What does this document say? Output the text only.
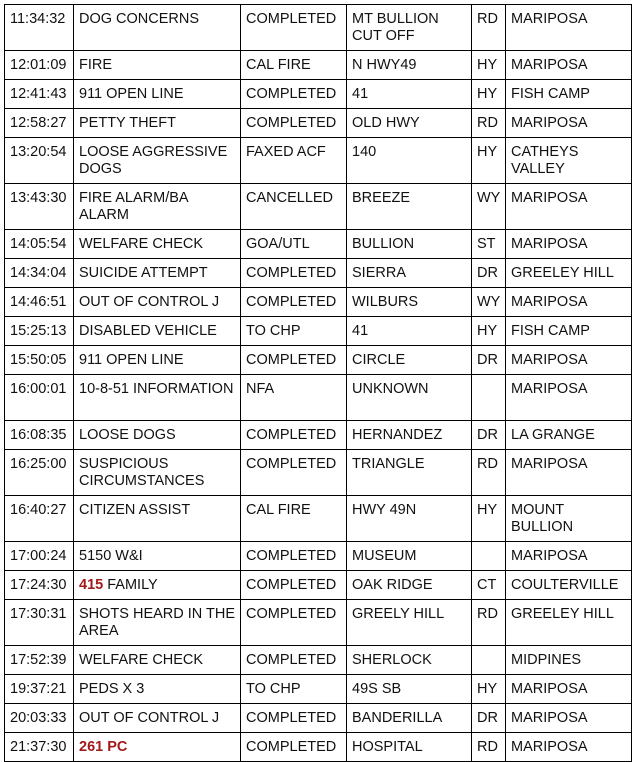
11:34:32	DOG CONCERNS	COMPLETED	MT BULLION CUT OFF	RD	MARIPOSA
12:01:09	FIRE	CAL FIRE	N HWY49	HY	MARIPOSA
12:41:43	911 OPEN LINE	COMPLETED	41	HY	FISH CAMP
12:58:27	PETTY THEFT	COMPLETED	OLD HWY	RD	MARIPOSA
13:20:54	LOOSE AGGRESSIVE DOGS	FAXED ACF	140	HY	CATHEYS VALLEY
13:43:30	FIRE ALARM/BA ALARM	CANCELLED	BREEZE	WY	MARIPOSA
14:05:54	WELFARE CHECK	GOA/UTL	BULLION	ST	MARIPOSA
14:34:04	SUICIDE ATTEMPT	COMPLETED	SIERRA	DR	GREELEY HILL
14:46:51	OUT OF CONTROL J	COMPLETED	WILBURS	WY	MARIPOSA
15:25:13	DISABLED VEHICLE	TO CHP	41	HY	FISH CAMP
15:50:05	911 OPEN LINE	COMPLETED	CIRCLE	DR	MARIPOSA
16:00:01	10-8-51 INFORMATION	NFA	UNKNOWN		MARIPOSA
16:08:35	LOOSE DOGS	COMPLETED	HERNANDEZ	DR	LA GRANGE
16:25:00	SUSPICIOUS CIRCUMSTANCES	COMPLETED	TRIANGLE	RD	MARIPOSA
16:40:27	CITIZEN ASSIST	CAL FIRE	HWY 49N	HY	MOUNT BULLION
17:00:24	5150 W&I	COMPLETED	MUSEUM		MARIPOSA
17:24:30	415 FAMILY	COMPLETED	OAK RIDGE	CT	COULTERVILLE
17:30:31	SHOTS HEARD IN THE AREA	COMPLETED	GREELY HILL	RD	GREELEY HILL
17:52:39	WELFARE CHECK	COMPLETED	SHERLOCK		MIDPINES
19:37:21	PEDS X 3	TO CHP	49S SB	HY	MARIPOSA
20:03:33	OUT OF CONTROL J	COMPLETED	BANDERILLA	DR	MARIPOSA
21:37:30	261 PC	COMPLETED	HOSPITAL	RD	MARIPOSA
